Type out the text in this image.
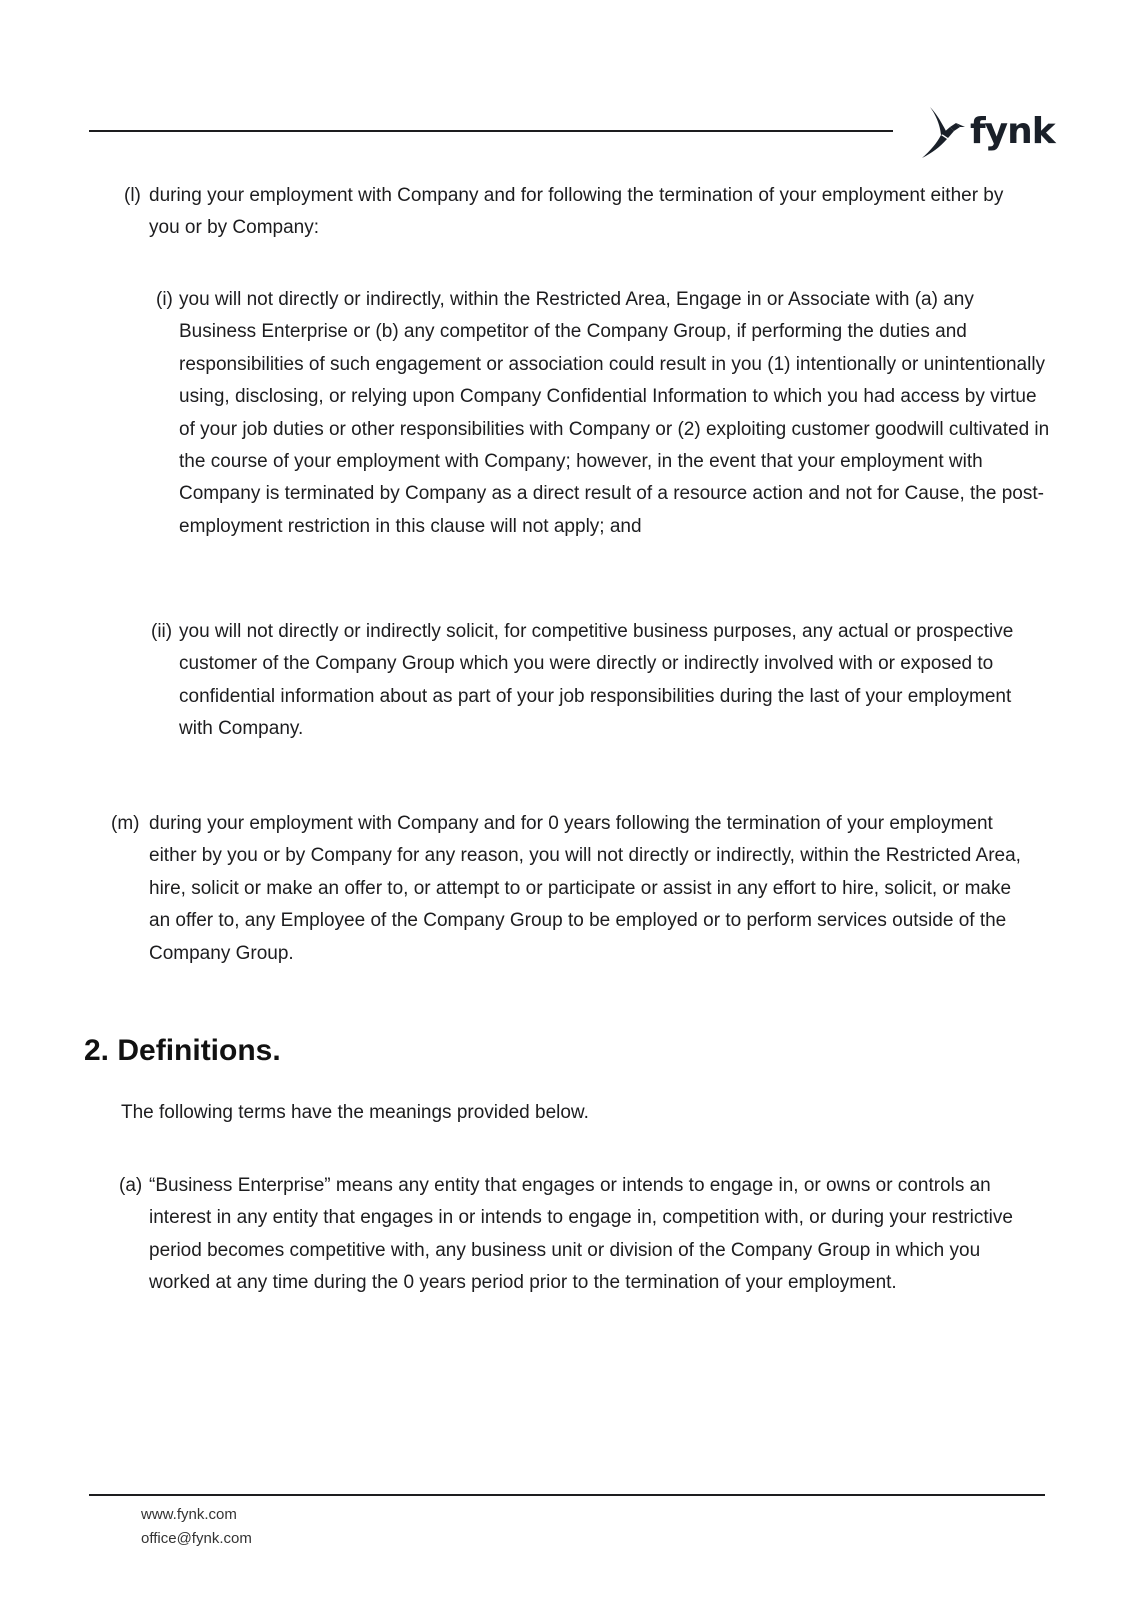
fynk
(l) during your employment with Company and for following the termination of your employment either by you or by Company:
(i) you will not directly or indirectly, within the Restricted Area, Engage in or Associate with (a) any Business Enterprise or (b) any competitor of the Company Group, if performing the duties and responsibilities of such engagement or association could result in you (1) intentionally or unintentionally using, disclosing, or relying upon Company Confidential Information to which you had access by virtue of your job duties or other responsibilities with Company or (2) exploiting customer goodwill cultivated in the course of your employment with Company; however, in the event that your employment with Company is terminated by Company as a direct result of a resource action and not for Cause, the post-employment restriction in this clause will not apply; and
(ii) you will not directly or indirectly solicit, for competitive business purposes, any actual or prospective customer of the Company Group which you were directly or indirectly involved with or exposed to confidential information about as part of your job responsibilities during the last of your employment with Company.
(m) during your employment with Company and for 0 years following the termination of your employment either by you or by Company for any reason, you will not directly or indirectly, within the Restricted Area, hire, solicit or make an offer to, or attempt to or participate or assist in any effort to hire, solicit, or make an offer to, any Employee of the Company Group to be employed or to perform services outside of the Company Group.
2. Definitions.

The following terms have the meanings provided below.

(a) “Business Enterprise” means any entity that engages or intends to engage in, or owns or controls an interest in any entity that engages in or intends to engage in, competition with, or during your restrictive period becomes competitive with, any business unit or division of the Company Group in which you worked at any time during the 0 years period prior to the termination of your employment.
www.fynk.com
office@fynk.com
